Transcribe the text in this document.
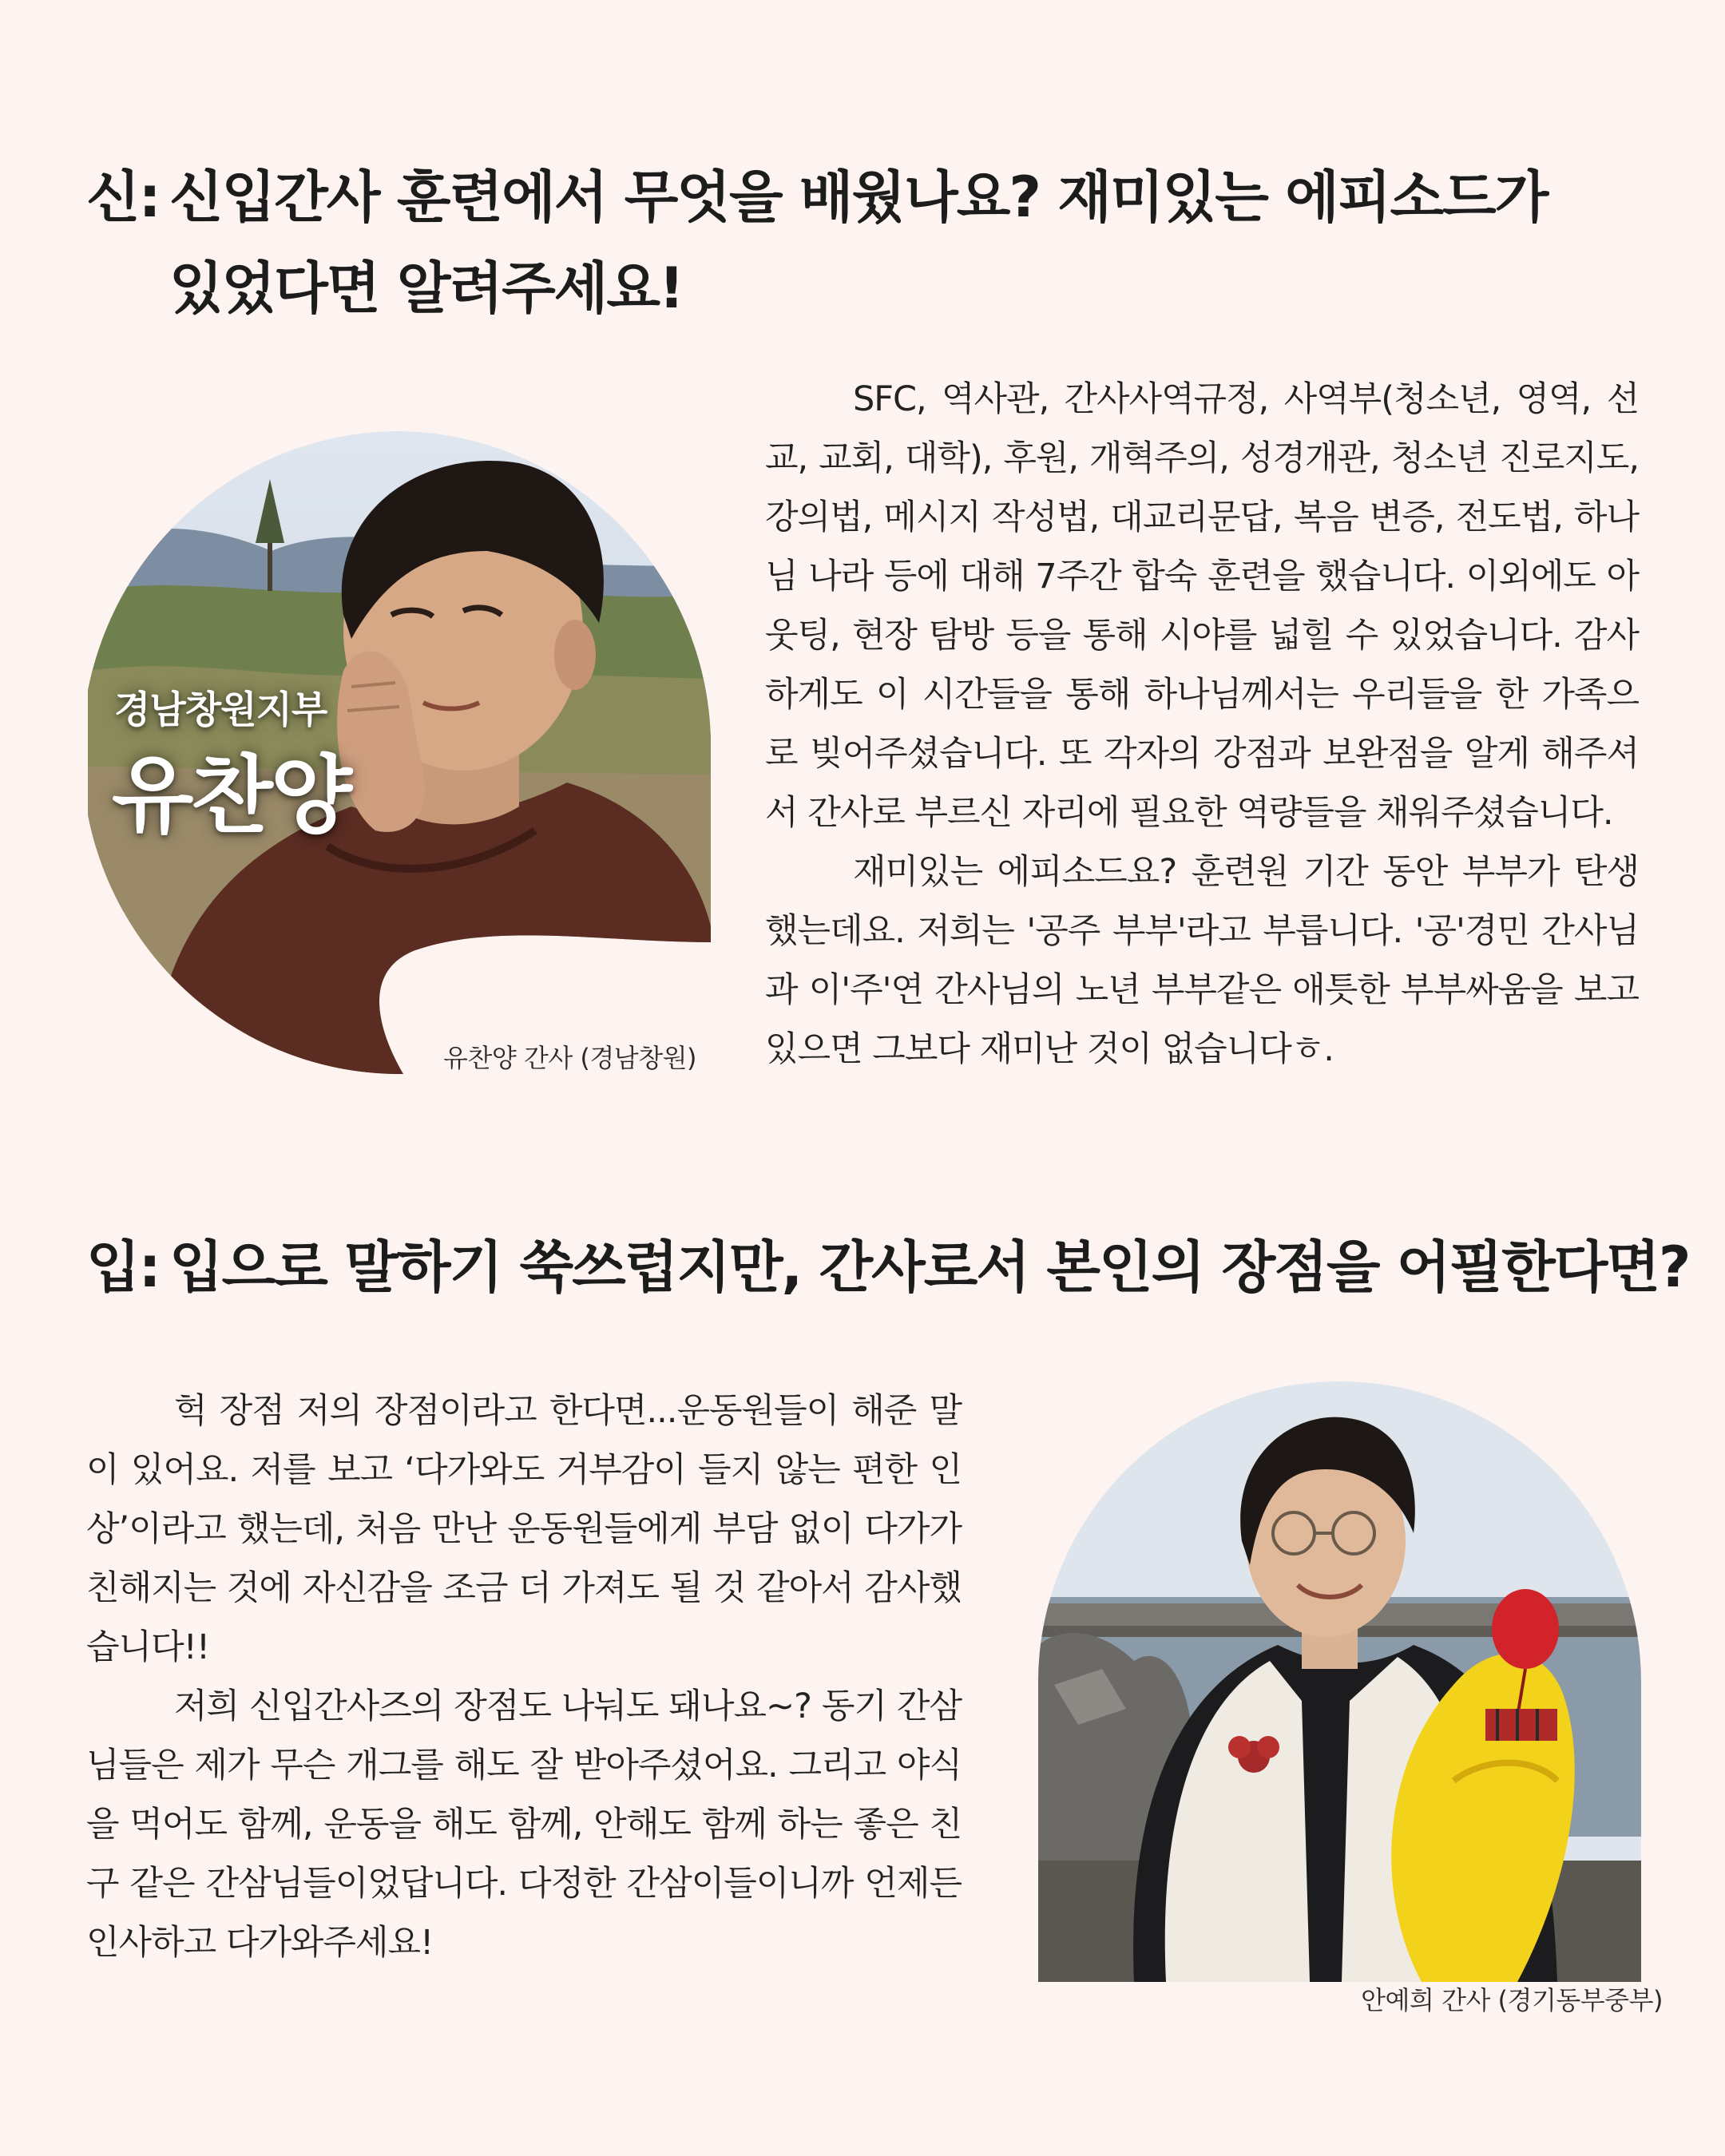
신: 신입간사 훈련에서 무엇을 배웠나요? 재미있는 에피소드가
있었다면 알려주세요!
경남창원지부
유찬양
유찬양 간사 (경남창원)

SFC, 역사관, 간사사역규정, 사역부(청소년, 영역, 선교, 교회, 대학), 후원, 개혁주의, 성경개관, 청소년 진로지도, 강의법, 메시지 작성법, 대교리문답, 복음 변증, 전도법, 하나님 나라 등에 대해 7주간 합숙 훈련을 했습니다. 이외에도 아웃팅, 현장 탐방 등을 통해 시야를 넓힐 수 있었습니다. 감사하게도 이 시간들을 통해 하나님께서는 우리들을 한 가족으로 빚어주셨습니다. 또 각자의 강점과 보완점을 알게 해주셔서 간사로 부르신 자리에 필요한 역량들을 채워주셨습니다.

재미있는 에피소드요? 훈련원 기간 동안 부부가 탄생했는데요. 저희는 '공주 부부'라고 부릅니다. '공'경민 간사님과 이'주'연 간사님의 노년 부부같은 애틋한 부부싸움을 보고 있으면 그보다 재미난 것이 없습니다ㅎ.

입: 입으로 말하기 쑥쓰럽지만, 간사로서 본인의 장점을 어필한다면?

헉 장점 저의 장점이라고 한다면...운동원들이 해준 말이 있어요. 저를 보고 ‘다가와도 거부감이 들지 않는 편한 인상’이라고 했는데, 처음 만난 운동원들에게 부담 없이 다가가 친해지는 것에 자신감을 조금 더 가져도 될 것 같아서 감사했습니다!!

저희 신입간사즈의 장점도 나눠도 돼나요~? 동기 간삼님들은 제가 무슨 개그를 해도 잘 받아주셨어요. 그리고 야식을 먹어도 함께, 운동을 해도 함께, 안해도 함께 하는 좋은 친구 같은 간삼님들이었답니다. 다정한 간삼이들이니까 언제든 인사하고 다가와주세요!

안예희 간사 (경기동부중부)
